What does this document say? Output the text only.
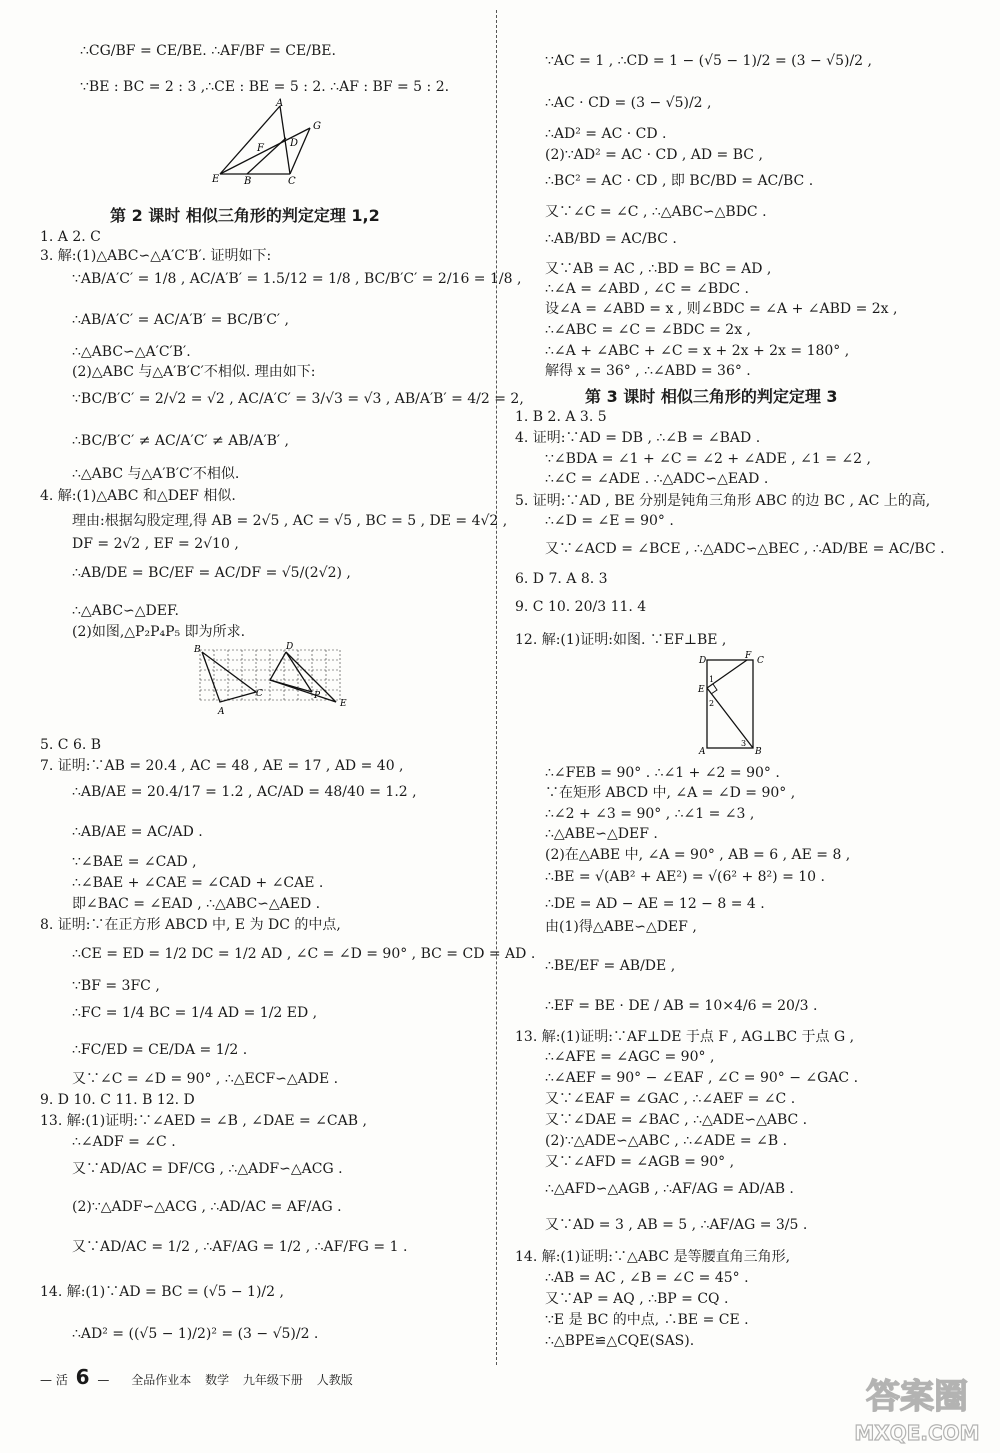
∴CG/BF = CE/BE. ∴AF/BF = CE/BE.
∵BE : BC = 2 : 3 ,∴CE : BE = 5 : 2. ∴AF : BF = 5 : 2.
A
E B	C
G
D
F
第 2 课时 相似三角形的判定定理 1,2
1. A 2. C
3. 解:(1)△ABC∽△A′C′B′. 证明如下:
∵AB/A′C′ = 1/8 , AC/A′B′ = 1.5/12 = 1/8 , BC/B′C′ = 2/16 = 1/8 ,
∴AB/A′C′ = AC/A′B′ = BC/B′C′ ,
∴△ABC∽△A′C′B′.
(2)△ABC 与△A′B′C′不相似. 理由如下:
∵BC/B′C′ = 2/√2 = √2 , AC/A′C′ = 3/√3 = √3 , AB/A′B′ = 4/2 = 2,
∴BC/B′C′ ≠ AC/A′C′ ≠ AB/A′B′ ,
∴△ABC 与△A′B′C′不相似.
4. 解:(1)△ABC 和△DEF 相似.
理由:根据勾股定理,得 AB = 2√5 , AC = √5 , BC = 5 , DE = 4√2 ,
DF = 2√2 , EF = 2√10 ,
∴AB/DE = BC/EF = AC/DF = √5/(2√2) ,
∴△ABC∽△DEF.
(2)如图,△P₂P₄P₅ 即为所求.
B	D
A
E
C	P
5. C 6. B
7. 证明:∵AB = 20.4 , AC = 48 , AE = 17 , AD = 40 ,
∴AB/AE = 20.4/17 = 1.2 , AC/AD = 48/40 = 1.2 ,
∴AB/AE = AC/AD .
∵∠BAE = ∠CAD ,
∴∠BAE + ∠CAE = ∠CAD + ∠CAE .
即∠BAC = ∠EAD , ∴△ABC∽△AED .
8. 证明:∵在正方形 ABCD 中, E 为 DC 的中点,
∴CE = ED = 1/2 DC = 1/2 AD , ∠C = ∠D = 90° , BC = CD = AD .
∵BF = 3FC ,
∴FC = 1/4 BC = 1/4 AD = 1/2 ED ,
∴FC/ED = CE/DA = 1/2 .
又∵∠C = ∠D = 90° , ∴△ECF∽△ADE .
9. D 10. C 11. B 12. D
13. 解:(1)证明:∵∠AED = ∠B , ∠DAE = ∠CAB ,
∴∠ADF = ∠C .
又∵AD/AC = DF/CG , ∴△ADF∽△ACG .
(2)∵△ADF∽△ACG , ∴AD/AC = AF/AG .
又∵AD/AC = 1/2 , ∴AF/AG = 1/2 , ∴AF/FG = 1 .
14. 解:(1)∵AD = BC = (√5 − 1)/2 ,
∴AD² = ((√5 − 1)/2)² = (3 − √5)/2 .
∵AC = 1 , ∴CD = 1 − (√5 − 1)/2 = (3 − √5)/2 ,
∴AC · CD = (3 − √5)/2 ,
∴AD² = AC · CD .
(2)∵AD² = AC · CD , AD = BC ,
∴BC² = AC · CD , 即 BC/BD = AC/BC .
又∵∠C = ∠C , ∴△ABC∽△BDC .
∴AB/BD = AC/BC .
又∵AB = AC , ∴BD = BC = AD ,
∴∠A = ∠ABD , ∠C = ∠BDC .
设∠A = ∠ABD = x , 则∠BDC = ∠A + ∠ABD = 2x ,
∴∠ABC = ∠C = ∠BDC = 2x ,
∴∠A + ∠ABC + ∠C = x + 2x + 2x = 180° ,
解得 x = 36° , ∴∠ABD = 36° .
第 3 课时 相似三角形的判定定理 3
1. B 2. A 3. 5
4. 证明:∵AD = DB , ∴∠B = ∠BAD .
∵∠BDA = ∠1 + ∠C = ∠2 + ∠ADE , ∠1 = ∠2 ,
∴∠C = ∠ADE . ∴△ADC∽△EAD .
5. 证明:∵AD , BE 分别是钝角三角形 ABC 的边 BC , AC 上的高,
∴∠D = ∠E = 90° .
又∵∠ACD = ∠BCE , ∴△ADC∽△BEC , ∴AD/BE = AC/BC .
6. D 7. A 8. 3
9. C 10. 20/3 11. 4
12. 解:(1)证明:如图. ∵EF⊥BE ,
D	F C
E
A	B
1
2
3
∴∠FEB = 90° . ∴∠1 + ∠2 = 90° .
∵在矩形 ABCD 中, ∠A = ∠D = 90° ,
∴∠2 + ∠3 = 90° , ∴∠1 = ∠3 ,
∴△ABE∽△DEF .
(2)在△ABE 中, ∠A = 90° , AB = 6 , AE = 8 ,
∴BE = √(AB² + AE²) = √(6² + 8²) = 10 .
∴DE = AD − AE = 12 − 8 = 4 .
由(1)得△ABE∽△DEF ,
∴BE/EF = AB/DE ,
∴EF = BE · DE / AB = 10×4/6 = 20/3 .
13. 解:(1)证明:∵AF⊥DE 于点 F , AG⊥BC 于点 G ,
∴∠AFE = ∠AGC = 90° ,
∴∠AEF = 90° − ∠EAF , ∠C = 90° − ∠GAC .
又∵∠EAF = ∠GAC , ∴∠AEF = ∠C .
又∵∠DAE = ∠BAC , ∴△ADE∽△ABC .
(2)∵△ADE∽△ABC , ∴∠ADE = ∠B .
又∵∠AFD = ∠AGB = 90° ,
∴△AFD∽△AGB , ∴AF/AG = AD/AB .
又∵AD = 3 , AB = 5 , ∴AF/AG = 3/5 .
14. 解:(1)证明:∵△ABC 是等腰直角三角形,
∴AB = AC , ∠B = ∠C = 45° .
又∵AP = AQ , ∴BP = CQ .
∵E 是 BC 的中点, ∴BE = CE .
∴△BPE≌△CQE(SAS).
— 活 6 — 全品作业本 数学 九年级下册 人教版	答案圈
MXQE.COM
